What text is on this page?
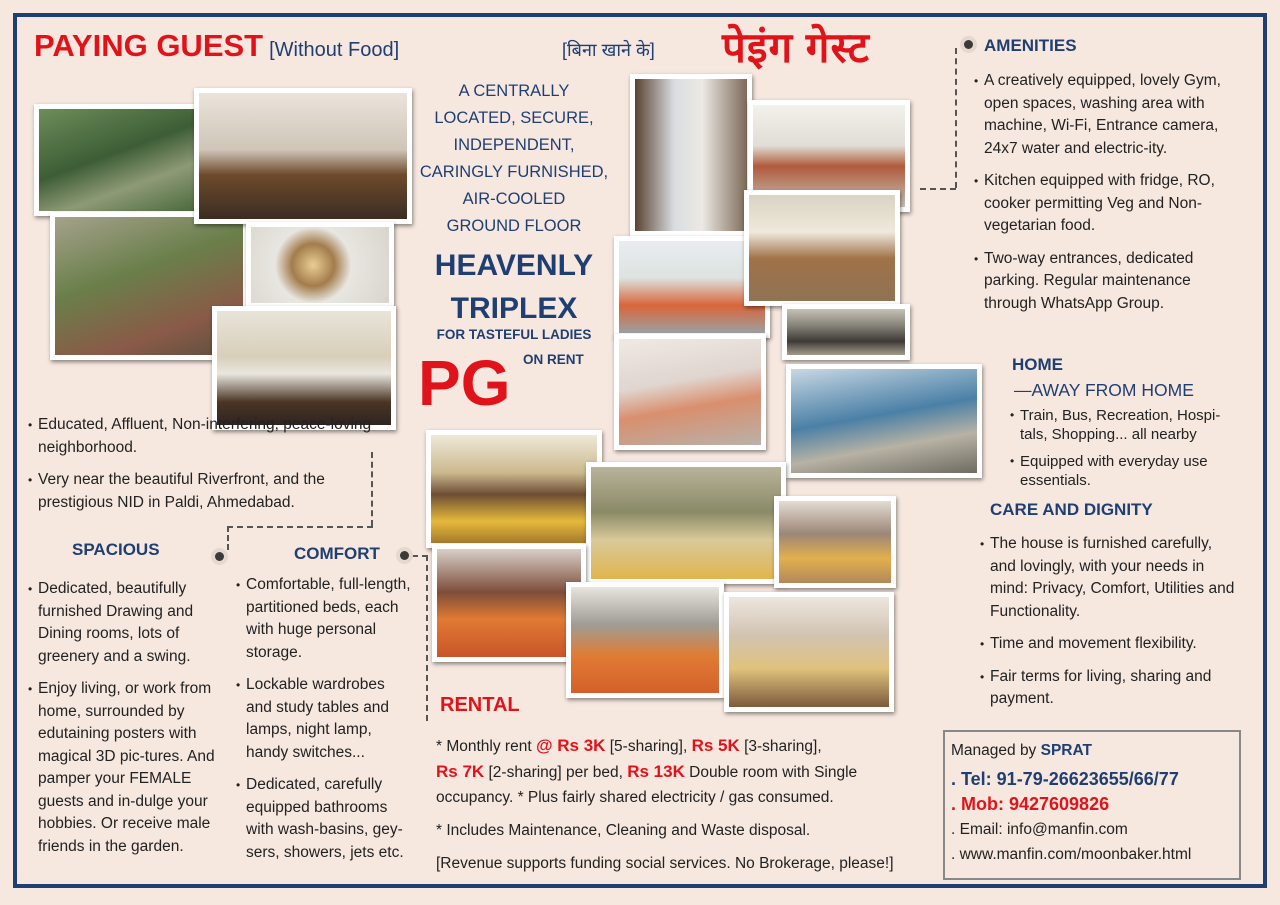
PAYING GUEST [Without Food]	[बिना खाने के] पेइंग गेस्ट
A CENTRALLY
LOCATED, SECURE,
INDEPENDENT,
CARINGLY FURNISHED,
AIR-COOLED
GROUND FLOOR
HEAVENLY
TRIPLEX
FOR TASTEFUL LADIES
PG ON RENT
• Educated, Affluent, Non-interfering, peace-loving neighborhood.
• Very near the beautiful Riverfront, and the prestigious NID in Paldi, Ahmedabad.
SPACIOUS
• Dedicated, beautifully furnished Drawing and Dining rooms, lots of greenery and a swing.
• Enjoy living, or work from home, surrounded by edutaining posters with magical 3D pic-tures. And pamper your FEMALE guests and in-dulge your hobbies. Or receive male friends in the garden.
COMFORT
• Comfortable, full-length, partitioned beds, each with huge personal storage.
• Lockable wardrobes and study tables and lamps, night lamp, handy switches...
• Dedicated, carefully equipped bathrooms with wash-basins, gey-sers, showers, jets etc.
RENTAL
* Monthly rent @ Rs 3K [5-sharing], Rs 5K [3-sharing],
Rs 7K [2-sharing] per bed, Rs 13K Double room with Single occupancy. * Plus fairly shared electricity / gas consumed.
* Includes Maintenance, Cleaning and Waste disposal.
[Revenue supports funding social services. No Brokerage, please!]
AMENITIES
• A creatively equipped, lovely Gym, open spaces, washing area with machine, Wi-Fi, Entrance camera, 24x7 water and electric-ity.
• Kitchen equipped with fridge, RO, cooker permitting Veg and Non-vegetarian food.
• Two-way entrances, dedicated parking. Regular maintenance through WhatsApp Group.
HOME
—AWAY FROM HOME
• Train, Bus, Recreation, Hospi-tals, Shopping... all nearby
• Equipped with everyday use essentials.
CARE AND DIGNITY
• The house is furnished carefully, and lovingly, with your needs in mind: Privacy, Comfort, Utilities and Functionality.
• Time and movement flexibility.
• Fair terms for living, sharing and payment.
Managed by SPRAT
. Tel: 91-79-26623655/66/77
. Mob: 9427609826
. Email: info@manfin.com
. www.manfin.com/moonbaker.html
